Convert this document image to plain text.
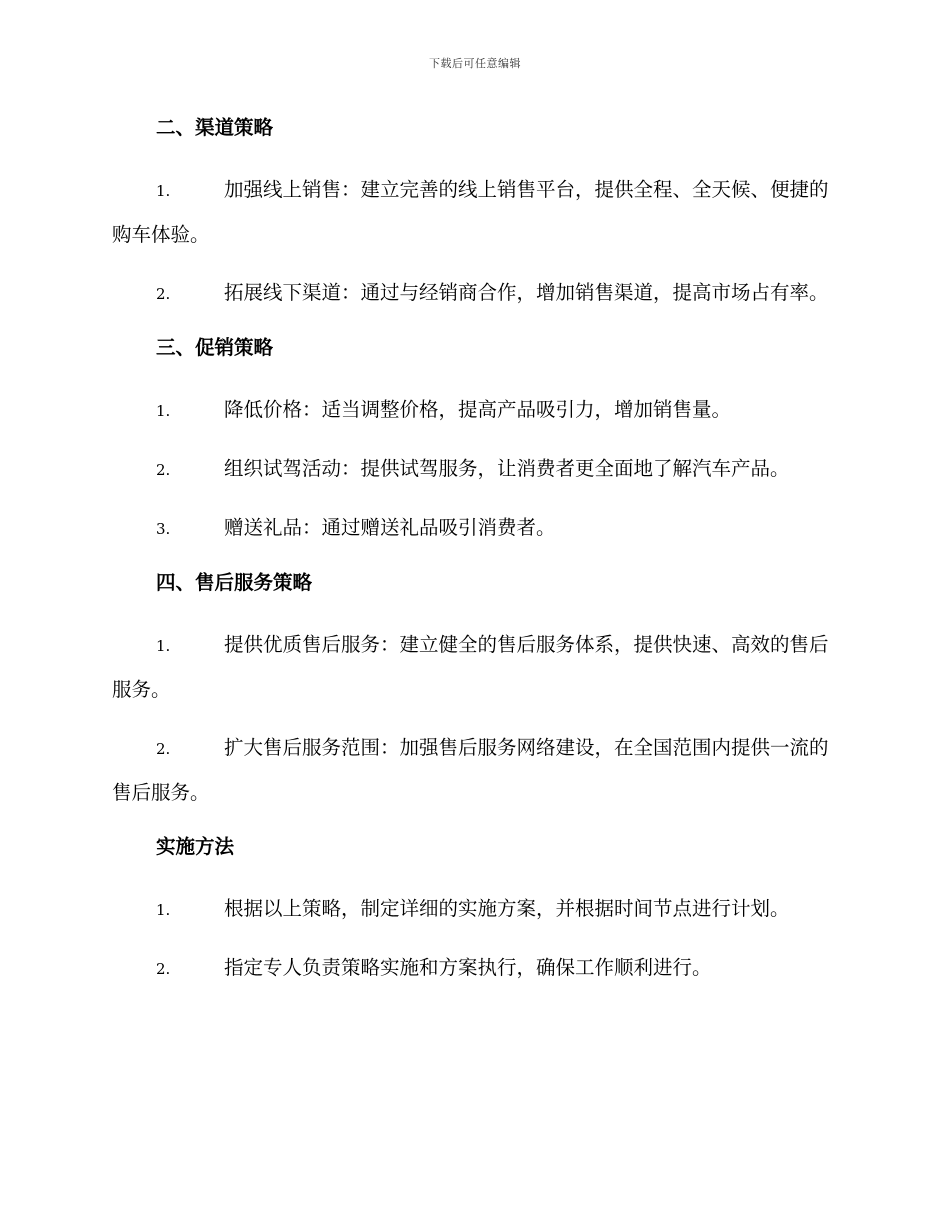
下载后可任意编辑
二、渠道策略
1.	加强线上销售：建立完善的线上销售平台，提供全程、全天候、便捷的购车体验。
2.	拓展线下渠道：通过与经销商合作，增加销售渠道，提高市场占有率。
三、促销策略
1.	降低价格：适当调整价格，提高产品吸引力，增加销售量。
2.	组织试驾活动：提供试驾服务，让消费者更全面地了解汽车产品。
3.	赠送礼品：通过赠送礼品吸引消费者。
四、售后服务策略
1.	提供优质售后服务：建立健全的售后服务体系，提供快速、高效的售后服务。
2.	扩大售后服务范围：加强售后服务网络建设，在全国范围内提供一流的售后服务。
实施方法
1.	根据以上策略，制定详细的实施方案，并根据时间节点进行计划。
2.	指定专人负责策略实施和方案执行，确保工作顺利进行。
